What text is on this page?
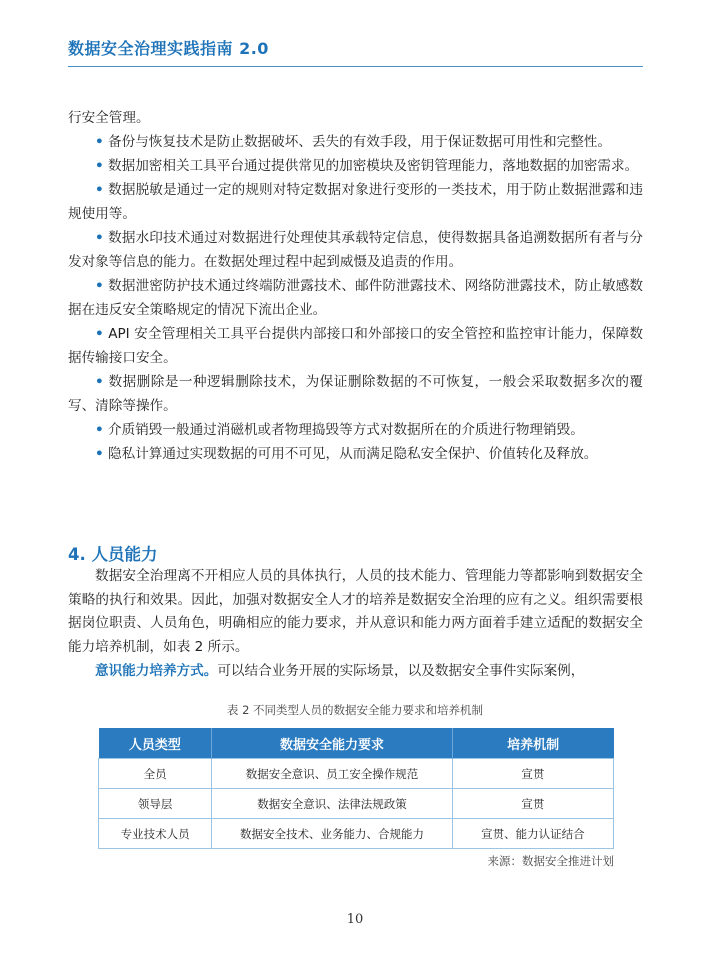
数据安全治理实践指南 2.0

行安全管理。

• 备份与恢复技术是防止数据破坏、丢失的有效手段，用于保证数据可用性和完整性。

• 数据加密相关工具平台通过提供常见的加密模块及密钥管理能力，落地数据的加密需求。

• 数据脱敏是通过一定的规则对特定数据对象进行变形的一类技术，用于防止数据泄露和违规使用等。

• 数据水印技术通过对数据进行处理使其承载特定信息，使得数据具备追溯数据所有者与分发对象等信息的能力。在数据处理过程中起到威慑及追责的作用。

• 数据泄密防护技术通过终端防泄露技术、邮件防泄露技术、网络防泄露技术，防止敏感数据在违反安全策略规定的情况下流出企业。

• API 安全管理相关工具平台提供内部接口和外部接口的安全管控和监控审计能力，保障数据传输接口安全。

• 数据删除是一种逻辑删除技术，为保证删除数据的不可恢复，一般会采取数据多次的覆写、清除等操作。

• 介质销毁一般通过消磁机或者物理捣毁等方式对数据所在的介质进行物理销毁。

• 隐私计算通过实现数据的可用不可见，从而满足隐私安全保护、价值转化及释放。

4. 人员能力

数据安全治理离不开相应人员的具体执行，人员的技术能力、管理能力等都影响到数据安全策略的执行和效果。因此，加强对数据安全人才的培养是数据安全治理的应有之义。组织需要根据岗位职责、人员角色，明确相应的能力要求，并从意识和能力两方面着手建立适配的数据安全能力培养机制，如表 2 所示。

意识能力培养方式。可以结合业务开展的实际场景，以及数据安全事件实际案例，

表 2 不同类型人员的数据安全能力要求和培养机制
人员类型	数据安全能力要求	培养机制
全员	数据安全意识、员工安全操作规范	宣贯
领导层	数据安全意识、法律法规政策	宣贯
专业技术人员	数据安全技术、业务能力、合规能力	宣贯、能力认证结合
来源：数据安全推进计划
10
